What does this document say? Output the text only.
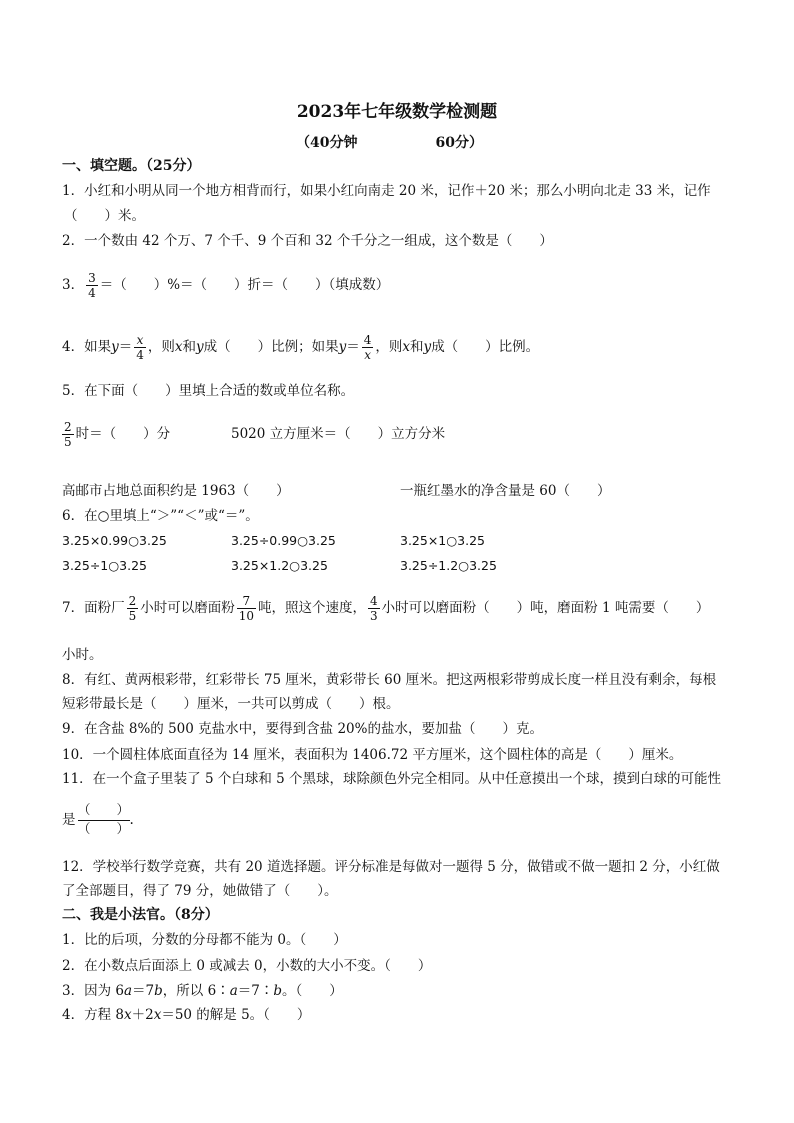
2023年七年级数学检测题
（40分钟                60分）
一、填空题。（25分）
1．小红和小明从同一个地方相背而行，如果小红向南走 20 米，记作＋20 米；那么小明向北走 33 米，记作
（　　）米。
2．一个数由 42 个万、7 个千、9 个百和 32 个千分之一组成，这个数是（　　）
3． $\frac{3}{4}$ ＝（　　）%＝（　　）折＝（　　）（填成数）
4．如果$y= \frac{x}{4}$ ，则x和y成（　　）比例；如果$y= \frac{4}{x}$ ，则x和y成（　　）比例。
5．在下面（　　）里填上合适的数或单位名称。
$\frac{2}{5}$ 时＝（　　）分	5020 立方厘米＝（　　）立方分米
高邮市占地总面积约是 1963（　　）	一瓶红墨水的净含量是 60（　　）
6．在○里填上“＞”“＜”或“＝”。
3.25×0.99○3.25	3.25÷0.99○3.25	3.25×1○3.25
3.25÷1○3.25	3.25×1.2○3.25	3.25÷1.2○3.25
7．面粉厂 $\frac{2}{5}$ 小时可以磨面粉 $\frac{7}{10}$ 吨，照这个速度， $\frac{4}{3}$ 小时可以磨面粉（　　）吨，磨面粉 1 吨需要（　　）
小时。
8．有红、黄两根彩带，红彩带长 75 厘米，黄彩带长 60 厘米。把这两根彩带剪成长度一样且没有剩余，每根
短彩带最长是（　　）厘米，一共可以剪成（　　）根。
9．在含盐 8%的 500 克盐水中，要得到含盐 20%的盐水，要加盐（　　）克。
10．一个圆柱体底面直径为 14 厘米，表面积为 1406.72 平方厘米，这个圆柱体的高是（　　）厘米。
11．在一个盒子里装了 5 个白球和 5 个黑球，球除颜色外完全相同。从中任意摸出一个球，摸到白球的可能性
是 $\frac{( )}{( )}$ .
12．学校举行数学竞赛，共有 20 道选择题。评分标准是每做对一题得 5 分，做错或不做一题扣 2 分，小红做
了全部题目，得了 79 分，她做错了（　　）。
二、我是小法官。（8分）
1．比的后项，分数的分母都不能为 0。（　　）
2．在小数点后面添上 0 或减去 0，小数的大小不变。（　　）
3．因为 6a＝7b，所以 6∶a＝7∶b。（　　）
4．方程 8x＋2x＝50 的解是 5。（　　）
